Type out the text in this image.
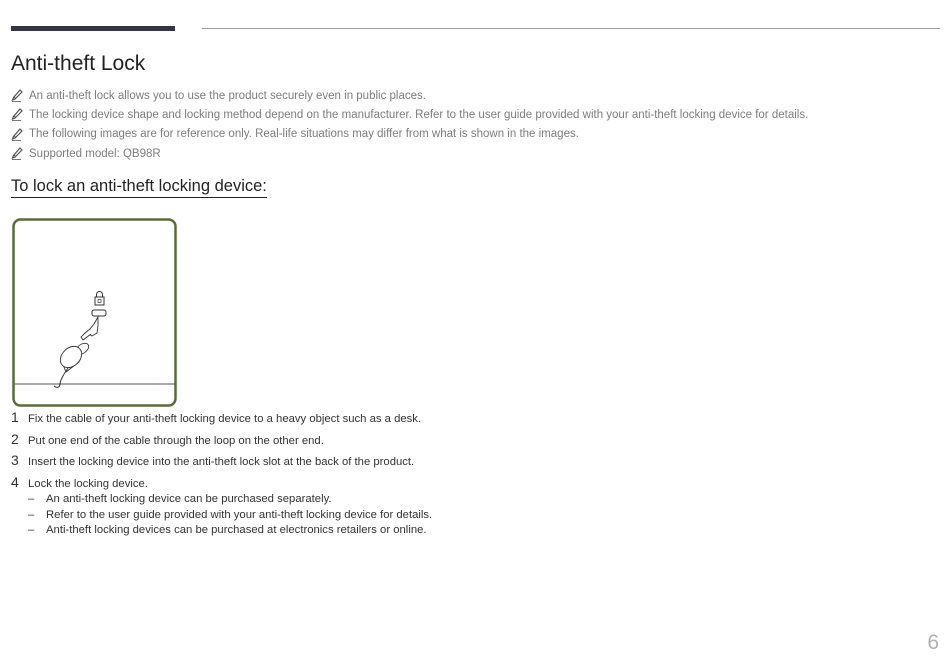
Anti-theft Lock
An anti-theft lock allows you to use the product securely even in public places.
The locking device shape and locking method depend on the manufacturer. Refer to the user guide provided with your anti-theft locking device for details.
The following images are for reference only. Real-life situations may differ from what is shown in the images.
Supported model: QB98R
To lock an anti-theft locking device:
1 Fix the cable of your anti-theft locking device to a heavy object such as a desk.
2 Put one end of the cable through the loop on the other end.
3 Insert the locking device into the anti-theft lock slot at the back of the product.
4 Lock the locking device.
–	An anti-theft locking device can be purchased separately.
–	Refer to the user guide provided with your anti-theft locking device for details.
–	Anti-theft locking devices can be purchased at electronics retailers or online.
6
